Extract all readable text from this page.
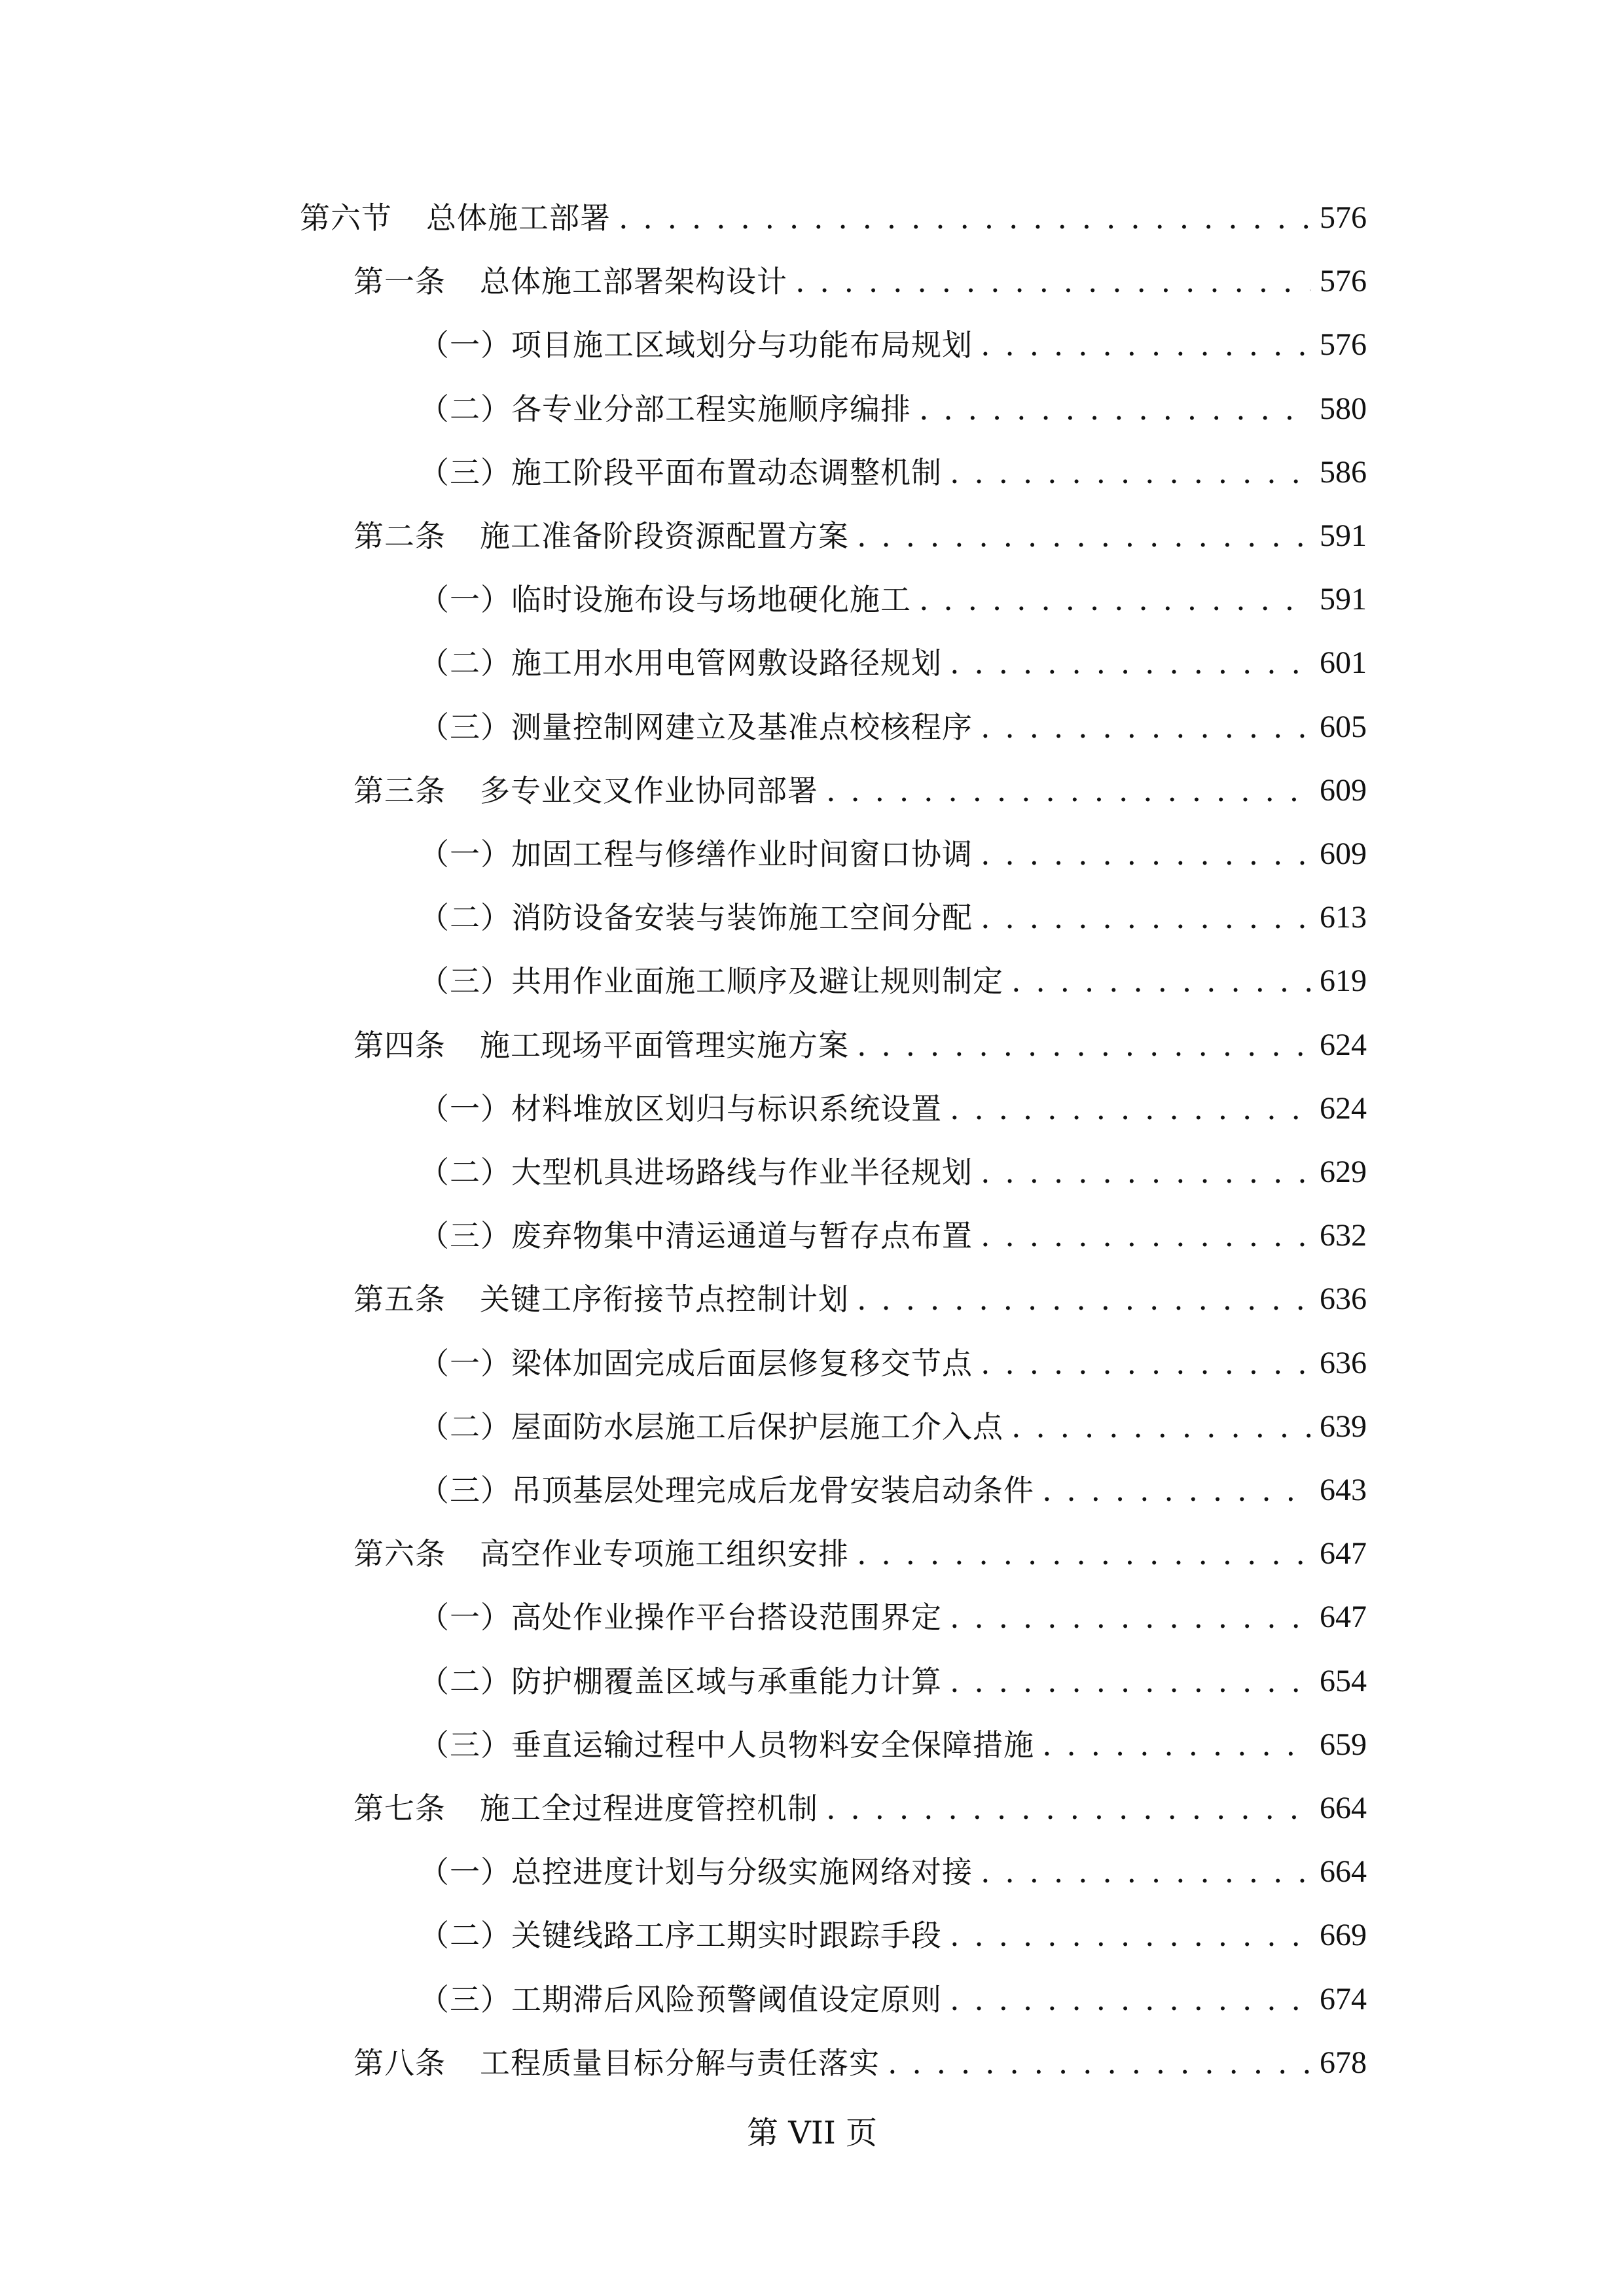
第六节 总体施工部署 . . .	576
第一条 总体施工部署架构设计 . . .	576
（一）项目施工区域划分与功能布局规划 . . .	576
（二）各专业分部工程实施顺序编排 . . .	580
（三）施工阶段平面布置动态调整机制 . . .	586
第二条 施工准备阶段资源配置方案 . . .	591
（一）临时设施布设与场地硬化施工 . . .	591
（二）施工用水用电管网敷设路径规划 . . .	601
（三）测量控制网建立及基准点校核程序 . . .	605
第三条 多专业交叉作业协同部署 . . .	609
（一）加固工程与修缮作业时间窗口协调 . . .	609
（二）消防设备安装与装饰施工空间分配 . . .	613
（三）共用作业面施工顺序及避让规则制定 . . .	619
第四条 施工现场平面管理实施方案 . . .	624
（一）材料堆放区划归与标识系统设置 . . .	624
（二）大型机具进场路线与作业半径规划 . . .	629
（三）废弃物集中清运通道与暂存点布置 . . .	632
第五条 关键工序衔接节点控制计划 . . .	636
（一）梁体加固完成后面层修复移交节点 . . .	636
（二）屋面防水层施工后保护层施工介入点 . . .	639
（三）吊顶基层处理完成后龙骨安装启动条件 . . .	643
第六条 高空作业专项施工组织安排 . . .	647
（一）高处作业操作平台搭设范围界定 . . .	647
（二）防护棚覆盖区域与承重能力计算 . . .	654
（三）垂直运输过程中人员物料安全保障措施 . . .	659
第七条 施工全过程进度管控机制 . . .	664
（一）总控进度计划与分级实施网络对接 . . .	664
（二）关键线路工序工期实时跟踪手段 . . .	669
（三）工期滞后风险预警阈值设定原则 . . .	674
第八条 工程质量目标分解与责任落实 . . .	678
第 VII 页
